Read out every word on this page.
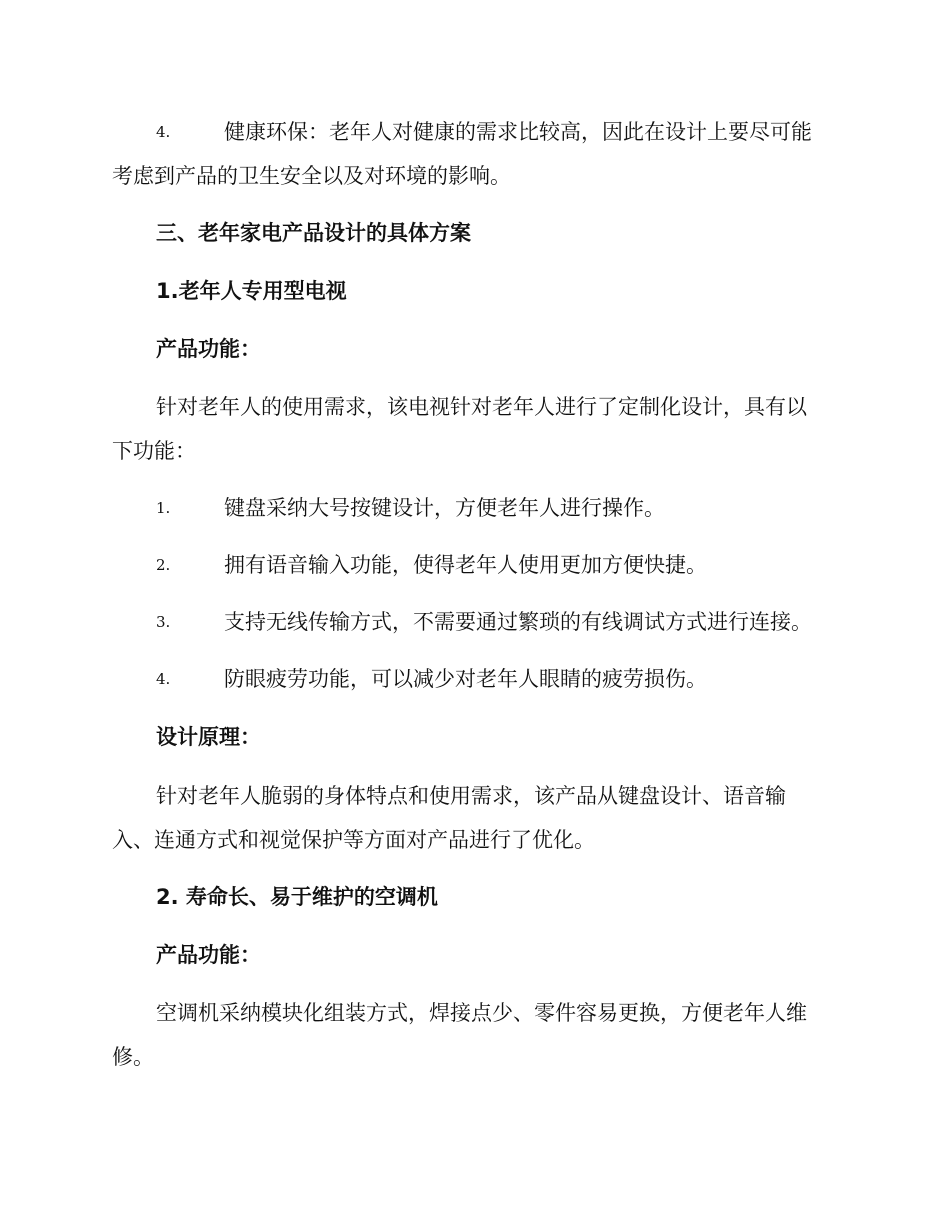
4.	健康环保：老年人对健康的需求比较高，因此在设计上要尽可能
考虑到产品的卫生安全以及对环境的影响。
三、老年家电产品设计的具体方案
1.老年人专用型电视
产品功能：
针对老年人的使用需求，该电视针对老年人进行了定制化设计，具有以
下功能：
1.	键盘采纳大号按键设计，方便老年人进行操作。
2.	拥有语音输入功能，使得老年人使用更加方便快捷。
3.	支持无线传输方式，不需要通过繁琐的有线调试方式进行连接。
4.	防眼疲劳功能，可以减少对老年人眼睛的疲劳损伤。
设计原理：
针对老年人脆弱的身体特点和使用需求，该产品从键盘设计、语音输
入、连通方式和视觉保护等方面对产品进行了优化。
2. 寿命长、易于维护的空调机
产品功能：
空调机采纳模块化组装方式，焊接点少、零件容易更换，方便老年人维
修。
